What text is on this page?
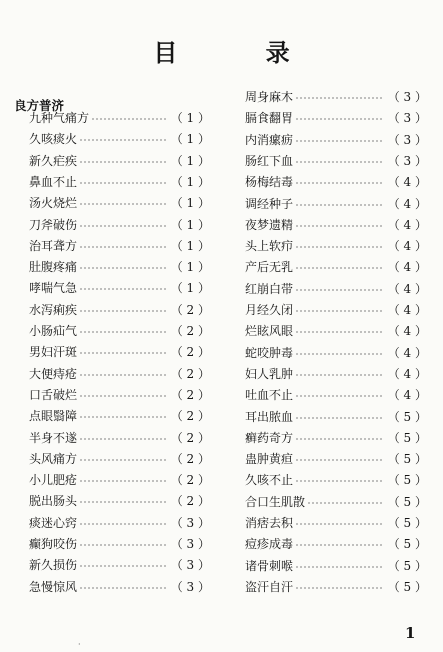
目 录
良方普济
九种气痛方	（ 1 ）
久咳痰火	（ 1 ）
新久疟疾	（ 1 ）
鼻血不止	（ 1 ）
汤火烧烂	（ 1 ）
刀斧破伤	（ 1 ）
治耳聋方	（ 1 ）
肚腹疼痛	（ 1 ）
哮喘气急	（ 1 ）
水泻痢疾	（ 2 ）
小肠疝气	（ 2 ）
男妇汗斑	（ 2 ）
大便痔疮	（ 2 ）
口舌破烂	（ 2 ）
点眼翳障	（ 2 ）
半身不遂	（ 2 ）
头风痛方	（ 2 ）
小儿肥疮	（ 2 ）
脱出肠头	（ 2 ）
痰迷心窍	（ 3 ）
癫狗咬伤	（ 3 ）
新久损伤	（ 3 ）
急慢惊风	（ 3 ）
周身麻木	（ 3 ）
膈食翻胃	（ 3 ）
内消瘰疬	（ 3 ）
肠红下血	（ 3 ）
杨梅结毒	（ 4 ）
调经种子	（ 4 ）
夜梦遗精	（ 4 ）
头上软疖	（ 4 ）
产后无乳	（ 4 ）
红崩白带	（ 4 ）
月经久闭	（ 4 ）
烂眩风眼	（ 4 ）
蛇咬肿毒	（ 4 ）
妇人乳肿	（ 4 ）
吐血不止	（ 4 ）
耳出脓血	（ 5 ）
癣药奇方	（ 5 ）
蛊肿黄疸	（ 5 ）
久咳不止	（ 5 ）
合口生肌散	（ 5 ）
消痞去积	（ 5 ）
痘疹成毒	（ 5 ）
诸骨刺喉	（ 5 ）
盗汗自汗	（ 5 ）
1
·
